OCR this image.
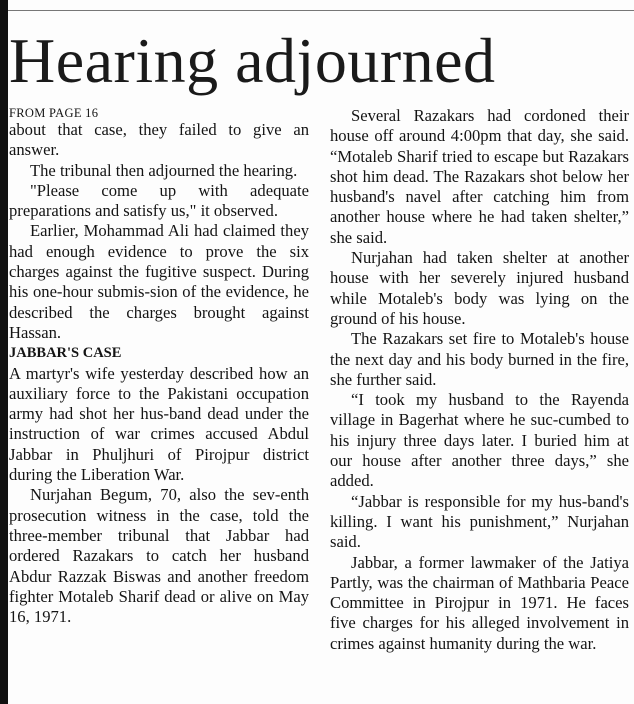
Hearing adjourned
FROM PAGE 16

about that case, they failed to give an answer.

The tribunal then adjourned the hearing.

"Please come up with adequate preparations and satisfy us," it observed.

Earlier, Mohammad Ali had claimed they had enough evidence to prove the six charges against the fugitive suspect. During his one-hour submis-sion of the evidence, he described the charges brought against Hassan.

JABBAR'S CASE

A martyr's wife yesterday described how an auxiliary force to the Pakistani occupation army had shot her hus-band dead under the instruction of war crimes accused Abdul Jabbar in Phuljhuri of Pirojpur district during the Liberation War.

Nurjahan Begum, 70, also the sev-enth prosecution witness in the case, told the three-member tribunal that Jabbar had ordered Razakars to catch her husband Abdur Razzak Biswas and another freedom fighter Motaleb Sharif dead or alive on May 16, 1971.

Several Razakars had cordoned their house off around 4:00pm that day, she said. “Motaleb Sharif tried to escape but Razakars shot him dead. The Razakars shot below her husband's navel after catching him from another house where he had taken shelter,” she said.

Nurjahan had taken shelter at another house with her severely injured husband while Motaleb's body was lying on the ground of his house.

The Razakars set fire to Motaleb's house the next day and his body burned in the fire, she further said.

“I took my husband to the Rayenda village in Bagerhat where he suc-cumbed to his injury three days later. I buried him at our house after another three days,” she added.

“Jabbar is responsible for my hus-band's killing. I want his punishment,” Nurjahan said.

Jabbar, a former lawmaker of the Jatiya Partly, was the chairman of Mathbaria Peace Committee in Pirojpur in 1971. He faces five charges for his alleged involvement in crimes against humanity during the war.
